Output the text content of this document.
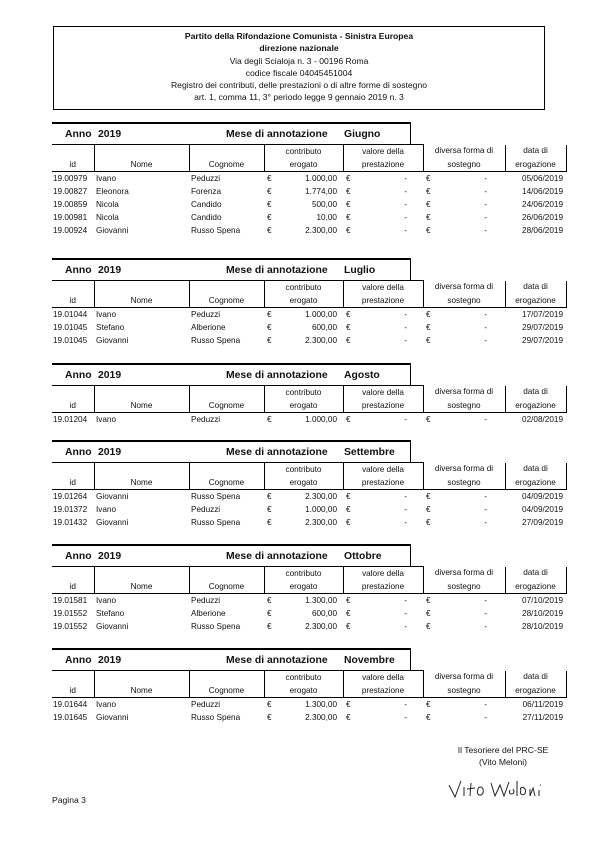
Partito della Rifondazione Comunista - Sinistra Europea
direzione nazionale
Via degli Scialoja n. 3 - 00196 Roma
codice fiscale 04045451004
Registro dei contributi, delle prestazioni o di altre forme di sostegno
art. 1, comma 11, 3° periodo legge 9 gennaio 2019 n. 3
Anno 2019	Mese di annotazione Giugno
			contributo		valore della		diversa forma di		data di
id	Nome	Cognome	erogato		prestazione		sostegno		erogazione
19.00979	Ivano	Peduzzi	€	1.000,00	€	-	€	-	05/06/2019
19.00827	Eleonora	Forenza	€	1.774,00	€	-	€	-	14/06/2019
19.00859	Nicola	Candido	€	500,00	€	-	€	-	24/06/2019
19.00981	Nicola	Candido	€	10,00	€	-	€	-	26/06/2019
19.00924	Giovanni	Russo Spena	€	2.300,00	€	-	€	-	28/06/2019
Anno 2019	Mese di annotazione Luglio
			contributo		valore della		diversa forma di		data di
id	Nome	Cognome	erogato		prestazione		sostegno		erogazione
19.01044	Ivano	Peduzzi	€	1.000,00	€	-	€	-	17/07/2019
19.01045	Stefano	Alberione	€	600,00	€	-	€	-	29/07/2019
19.01045	Giovanni	Russo Spena	€	2.300,00	€	-	€	-	29/07/2019
Anno 2019	Mese di annotazione Agosto
			contributo		valore della		diversa forma di		data di
id	Nome	Cognome	erogato		prestazione		sostegno		erogazione
19.01204	Ivano	Peduzzi	€	1.000,00	€	-	€	-	02/08/2019
Anno 2019	Mese di annotazione Settembre
			contributo		valore della		diversa forma di		data di
id	Nome	Cognome	erogato		prestazione		sostegno		erogazione
19.01264	Giovanni	Russo Spena	€	2.300,00	€	-	€	-	04/09/2019
19.01372	Ivano	Peduzzi	€	1.000,00	€	-	€	-	04/09/2019
19.01432	Giovanni	Russo Spena	€	2.300,00	€	-	€	-	27/09/2019
Anno 2019	Mese di annotazione Ottobre
			contributo		valore della		diversa forma di		data di
id	Nome	Cognome	erogato		prestazione		sostegno		erogazione
19.01581	Ivano	Peduzzi	€	1.300,00	€	-	€	-	07/10/2019
19.01552	Stefano	Alberione	€	600,00	€	-	€	-	28/10/2019
19.01552	Giovanni	Russo Spena	€	2.300,00	€	-	€	-	28/10/2019
Anno 2019	Mese di annotazione Novembre
			contributo		valore della		diversa forma di		data di
id	Nome	Cognome	erogato		prestazione		sostegno		erogazione
19.01644	Ivano	Peduzzi	€	1.300,00	€	-	€	-	06/11/2019
19.01645	Giovanni	Russo Spena	€	2.300,00	€	-	€	-	27/11/2019
Il Tesoriere del PRC-SE
(Vito Meloni)
Pagina 3
